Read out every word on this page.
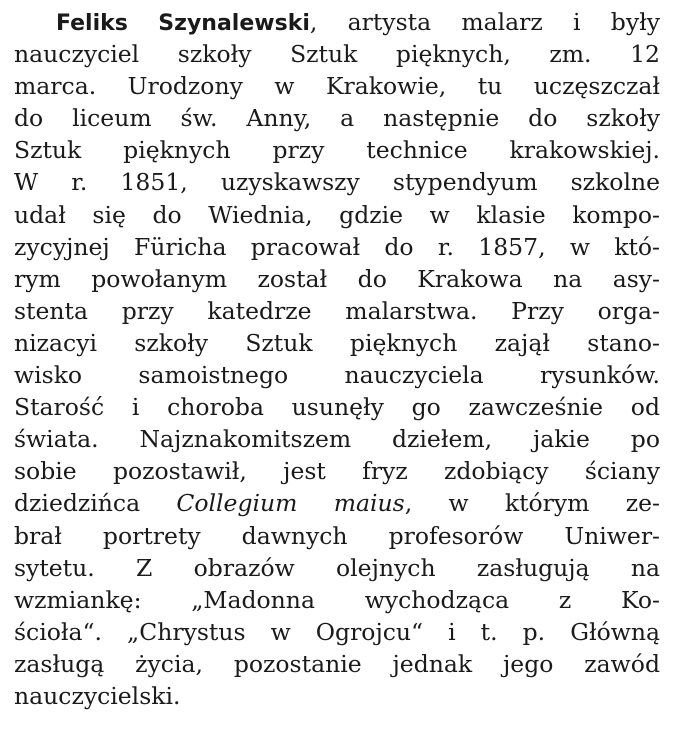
Feliks Szynalewski, artysta malarz i były
nauczyciel szkoły Sztuk pięknych, zm. 12
marca. Urodzony w Krakowie, tu uczęszczał
do liceum św. Anny, a następnie do szkoły
Sztuk pięknych przy technice krakowskiej.
W r. 1851, uzyskawszy stypendyum szkolne
udał się do Wiednia, gdzie w klasie kompo-
zycyjnej Füricha pracował do r. 1857, w któ-
rym powołanym został do Krakowa na asy-
stenta przy katedrze malarstwa. Przy orga-
nizacyi szkoły Sztuk pięknych zajął stano-
wisko samoistnego nauczyciela rysunków.
Starość i choroba usunęły go zawcześnie od
świata. Najznakomitszem dziełem, jakie po
sobie pozostawił, jest fryz zdobiący ściany
dziedzińca Collegium maius, w którym ze-
brał portrety dawnych profesorów Uniwer-
sytetu. Z obrazów olejnych zasługują na
wzmiankę: „Madonna wychodząca z Ko-
ścioła“. „Chrystus w Ogrojcu“ i t. p. Główną
zasługą życia, pozostanie jednak jego zawód
nauczycielski.
